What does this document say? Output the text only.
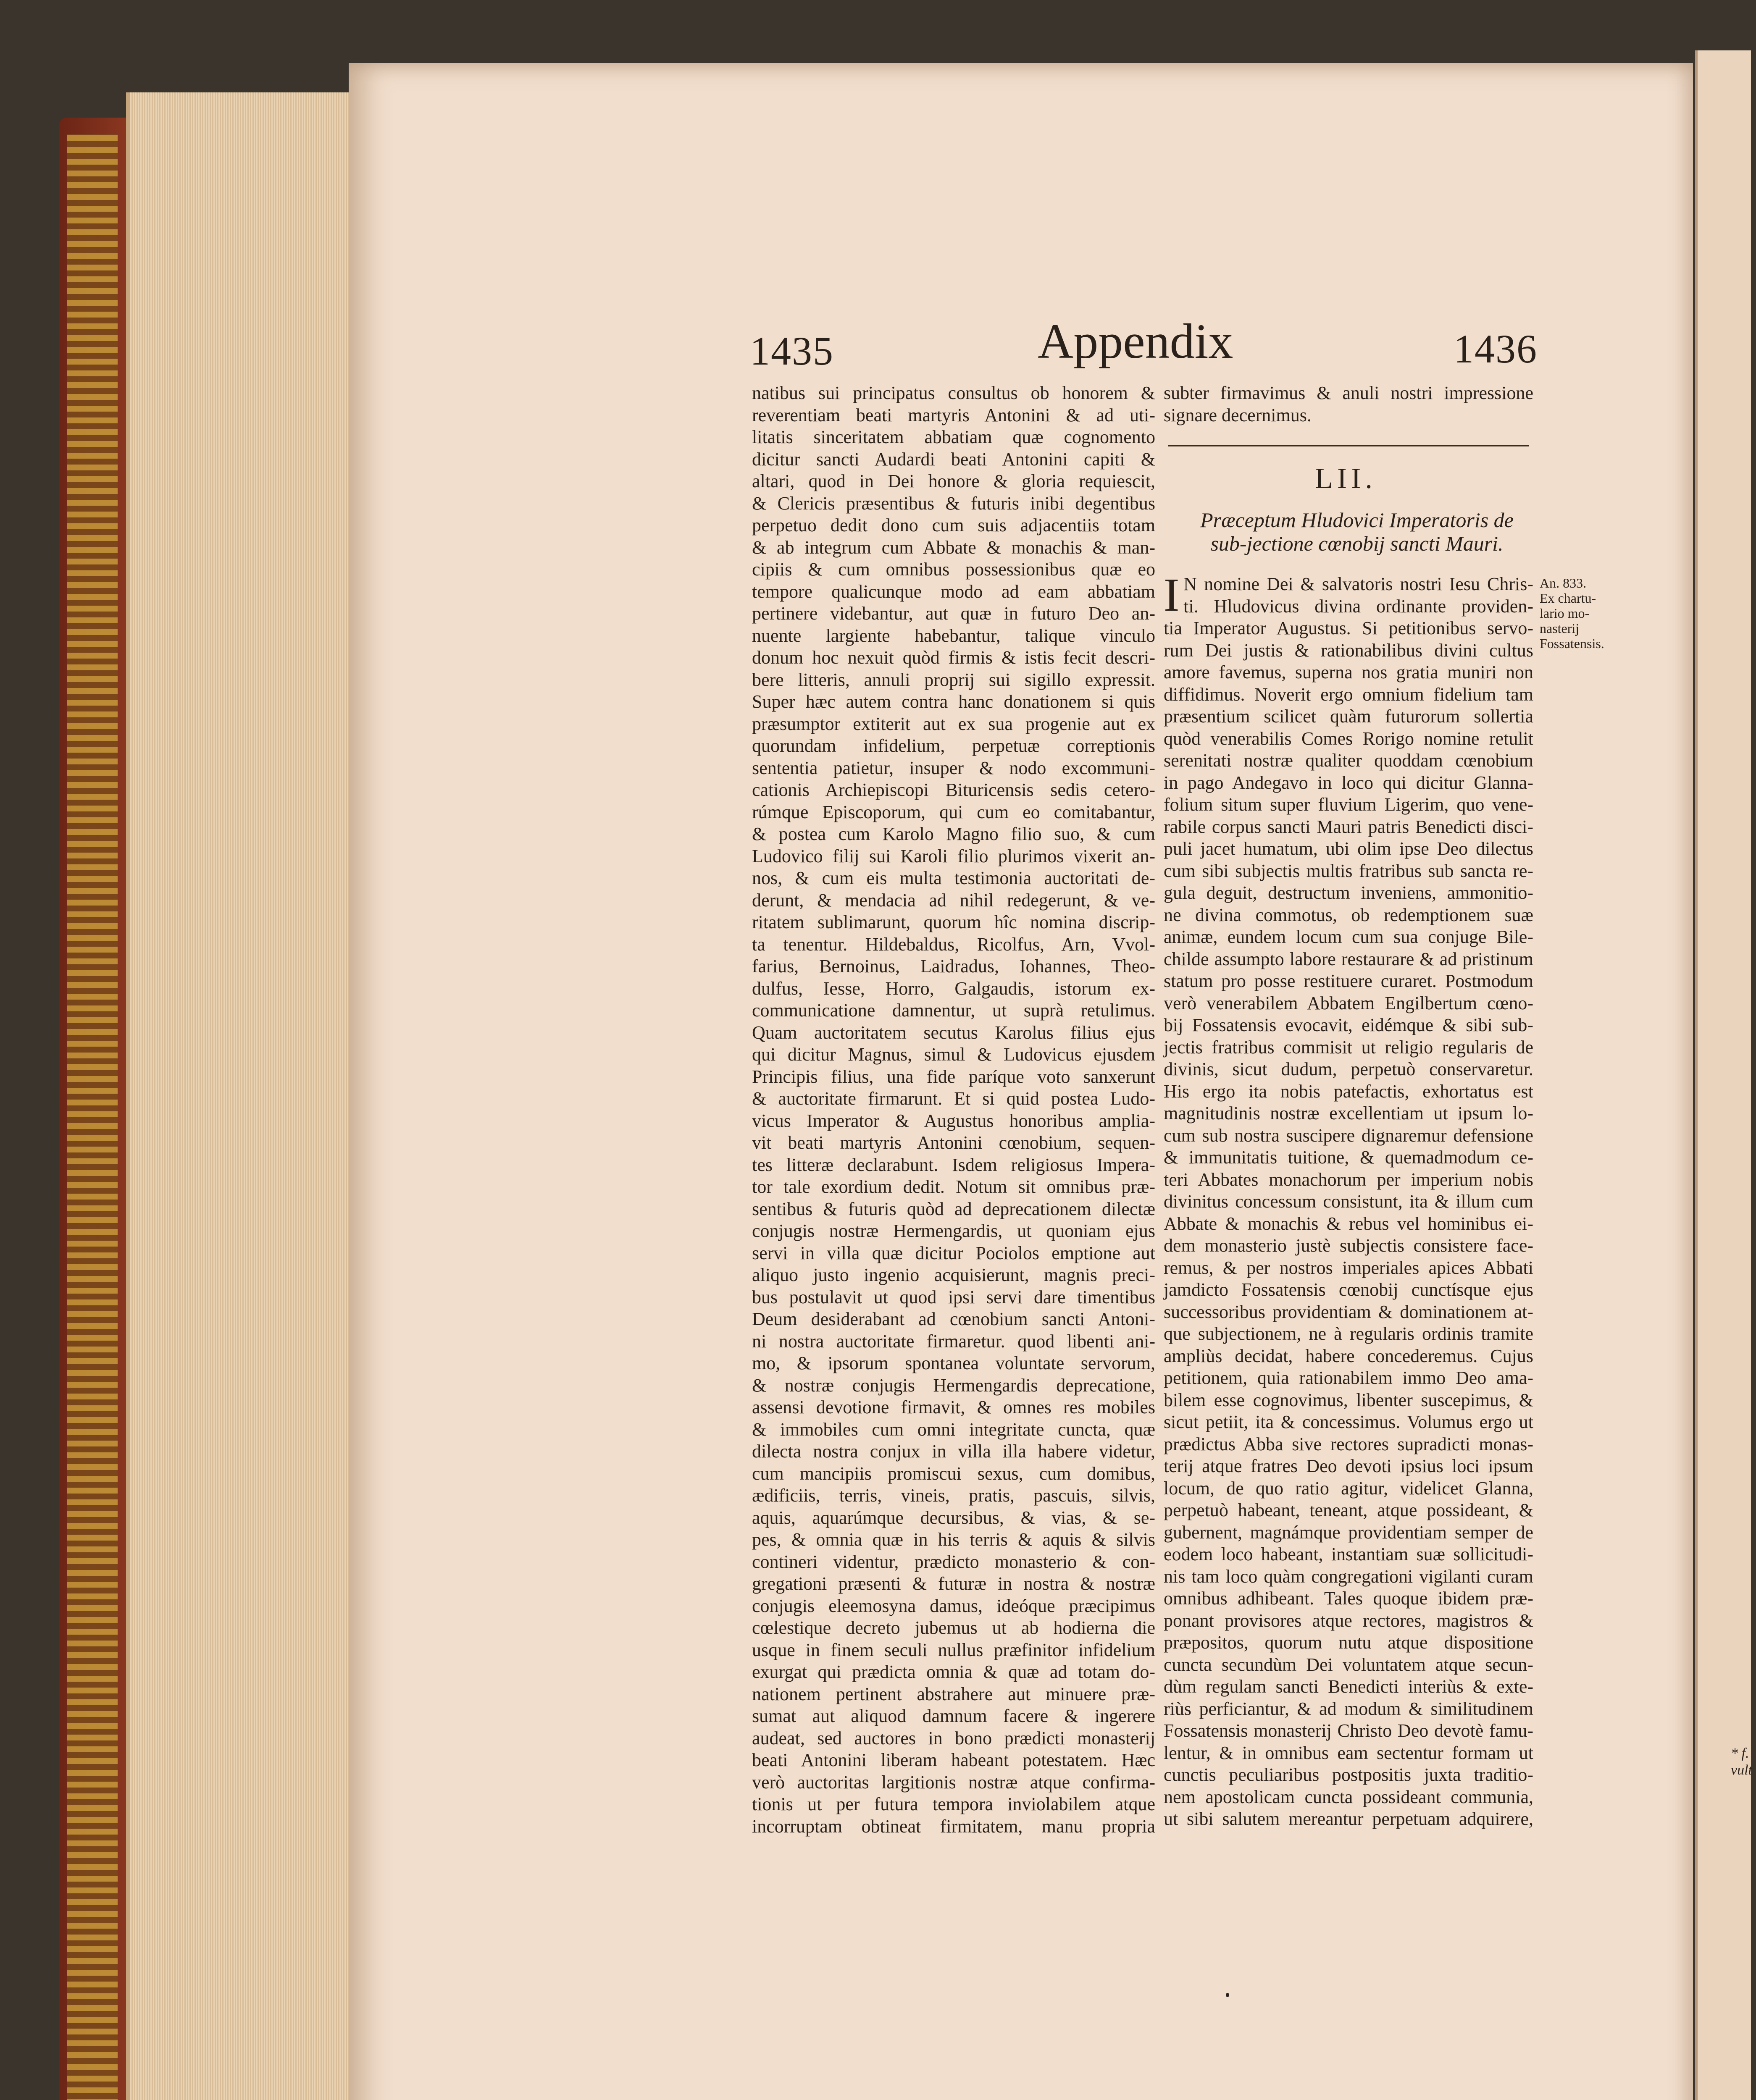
1435	Appendix	1436
natibus sui principatus consultus ob honorem &
reverentiam beati martyris Antonini & ad uti-
litatis sinceritatem abbatiam quæ cognomento
dicitur sancti Audardi beati Antonini capiti &
altari, quod in Dei honore & gloria requiescit,
& Clericis præsentibus & futuris inibi degentibus
perpetuo dedit dono cum suis adjacentiis totam
& ab integrum cum Abbate & monachis & man-
cipiis & cum omnibus possessionibus quæ eo
tempore qualicunque modo ad eam abbatiam
pertinere videbantur, aut quæ in futuro Deo an-
nuente largiente habebantur, talique vinculo
donum hoc nexuit quòd firmis & istis fecit descri-
bere litteris, annuli proprij sui sigillo expressit.
Super hæc autem contra hanc donationem si quis
præsumptor extiterit aut ex sua progenie aut ex
quorundam infidelium, perpetuæ correptionis
sententia patietur, insuper & nodo excommuni-
cationis Archiepiscopi Bituricensis sedis cetero-
rúmque Episcoporum, qui cum eo comitabantur,
& postea cum Karolo Magno filio suo, & cum
Ludovico filij sui Karoli filio plurimos vixerit an-
nos, & cum eis multa testimonia auctoritati de-
derunt, & mendacia ad nihil redegerunt, & ve-
ritatem sublimarunt, quorum hîc nomina discrip-
ta tenentur. Hildebaldus, Ricolfus, Arn, Vvol-
farius, Bernoinus, Laidradus, Iohannes, Theo-
dulfus, Iesse, Horro, Galgaudis, istorum ex-
communicatione damnentur, ut suprà retulimus.
Quam auctoritatem secutus Karolus filius ejus
qui dicitur Magnus, simul & Ludovicus ejusdem
Principis filius, una fide paríque voto sanxerunt
& auctoritate firmarunt. Et si quid postea Ludo-
vicus Imperator & Augustus honoribus amplia-
vit beati martyris Antonini cœnobium, sequen-
tes litteræ declarabunt. Isdem religiosus Impera-
tor tale exordium dedit. Notum sit omnibus præ-
sentibus & futuris quòd ad deprecationem dilectæ
conjugis nostræ Hermengardis, ut quoniam ejus
servi in villa quæ dicitur Pociolos emptione aut
aliquo justo ingenio acquisierunt, magnis preci-
bus postulavit ut quod ipsi servi dare timentibus
Deum desiderabant ad cœnobium sancti Antoni-
ni nostra auctoritate firmaretur. quod libenti ani-
mo, & ipsorum spontanea voluntate servorum,
& nostræ conjugis Hermengardis deprecatione,
assensi devotione firmavit, & omnes res mobiles
& immobiles cum omni integritate cuncta, quæ
dilecta nostra conjux in villa illa habere videtur,
cum mancipiis promiscui sexus, cum domibus,
ædificiis, terris, vineis, pratis, pascuis, silvis,
aquis, aquarúmque decursibus, & vias, & se-
pes, & omnia quæ in his terris & aquis & silvis
contineri videntur, prædicto monasterio & con-
gregationi præsenti & futuræ in nostra & nostræ
conjugis eleemosyna damus, ideóque præcipimus
cœlestique decreto jubemus ut ab hodierna die
usque in finem seculi nullus præfinitor infidelium
exurgat qui prædicta omnia & quæ ad totam do-
nationem pertinent abstrahere aut minuere præ-
sumat aut aliquod damnum facere & ingerere
audeat, sed auctores in bono prædicti monasterij
beati Antonini liberam habeant potestatem. Hæc
verò auctoritas largitionis nostræ atque confirma-
tionis ut per futura tempora inviolabilem atque
incorruptam obtineat firmitatem, manu propria
subter firmavimus & anuli nostri impressione
signare decernimus.
LII.
Præceptum Hludovici Imperatoris de sub-jectione cœnobij sancti Mauri.
An. 833.
Ex chartu-
lario mo-
nasterij
Fossatensis.
I N nomine Dei & salvatoris nostri Iesu Chris-
ti. Hludovicus divina ordinante providen-
tia Imperator Augustus. Si petitionibus servo-
rum Dei justis & rationabilibus divini cultus
amore favemus, superna nos gratia muniri non
diffidimus. Noverit ergo omnium fidelium tam
præsentium scilicet quàm futurorum sollertia
quòd venerabilis Comes Rorigo nomine retulit
serenitati nostræ qualiter quoddam cœnobium
in pago Andegavo in loco qui dicitur Glanna-
folium situm super fluvium Ligerim, quo vene-
rabile corpus sancti Mauri patris Benedicti disci-
puli jacet humatum, ubi olim ipse Deo dilectus
cum sibi subjectis multis fratribus sub sancta re-
gula deguit, destructum inveniens, ammonitio-
ne divina commotus, ob redemptionem suæ
animæ, eundem locum cum sua conjuge Bile-
childe assumpto labore restaurare & ad pristinum
statum pro posse restituere curaret. Postmodum
verò venerabilem Abbatem Engilbertum cœno-
bij Fossatensis evocavit, eidémque & sibi sub-
jectis fratribus commisit ut religio regularis de
divinis, sicut dudum, perpetuò conservaretur.
His ergo ita nobis patefactis, exhortatus est
magnitudinis nostræ excellentiam ut ipsum lo-
cum sub nostra suscipere dignaremur defensione
& immunitatis tuitione, & quemadmodum ce-
teri Abbates monachorum per imperium nobis
divinitus concessum consistunt, ita & illum cum
Abbate & monachis & rebus vel hominibus ei-
dem monasterio justè subjectis consistere face-
remus, & per nostros imperiales apices Abbati
jamdicto Fossatensis cœnobij cunctísque ejus
successoribus providentiam & dominationem at-
que subjectionem, ne à regularis ordinis tramite
ampliùs decidat, habere concederemus. Cujus
petitionem, quia rationabilem immo Deo ama-
bilem esse cognovimus, libenter suscepimus, &
sicut petiit, ita & concessimus. Volumus ergo ut
prædictus Abba sive rectores supradicti monas-
terij atque fratres Deo devoti ipsius loci ipsum
locum, de quo ratio agitur, videlicet Glanna,
perpetuò habeant, teneant, atque possideant, &
gubernent, magnámque providentiam semper de
eodem loco habeant, instantiam suæ sollicitudi-
nis tam loco quàm congregationi vigilanti curam
omnibus adhibeant. Tales quoque ibidem præ-
ponant provisores atque rectores, magistros &
præpositos, quorum nutu atque dispositione
cuncta secundùm Dei voluntatem atque secun-
dùm regulam sancti Benedicti interiùs & exte-
riùs perficiantur, & ad modum & similitudinem
Fossatensis monasterij Christo Deo devotè famu-
lentur, & in omnibus eam sectentur formam ut
cunctis peculiaribus postpositis juxta traditio-
nem apostolicam cuncta possideant communia,
ut sibi salutem mereantur perpetuam adquirere,
* f.
vult
